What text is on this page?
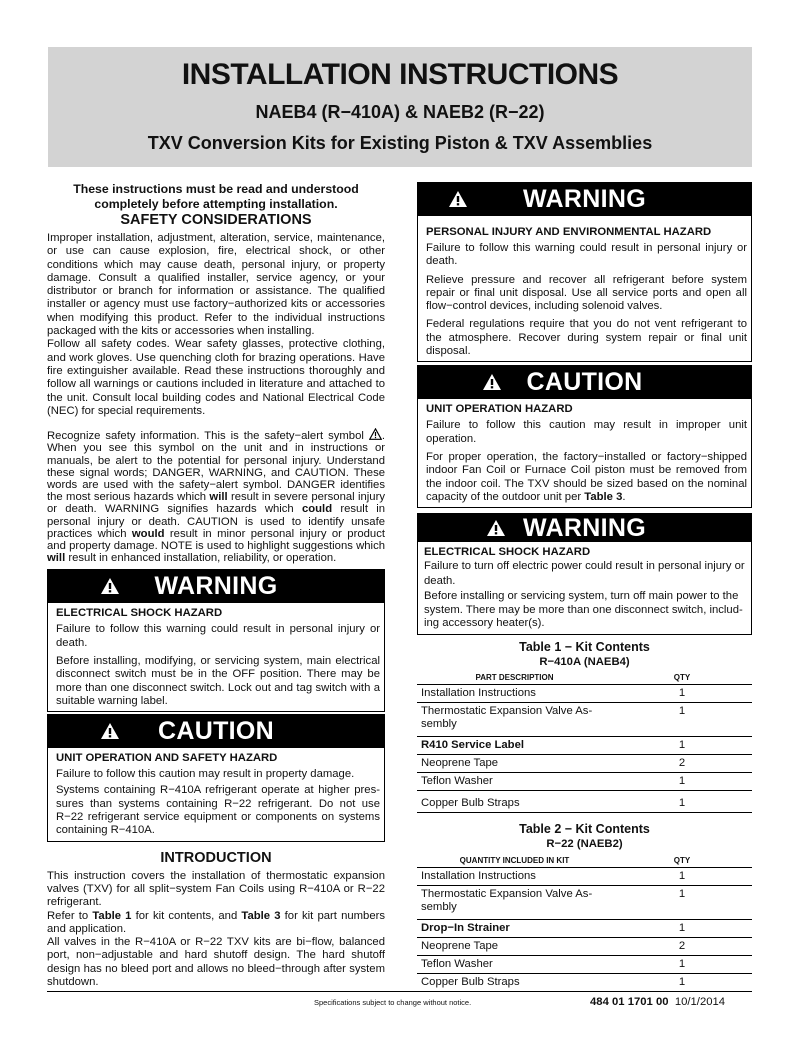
INSTALLATION INSTRUCTIONS
NAEB4 (R−410A) & NAEB2 (R−22)
TXV Conversion Kits for Existing Piston & TXV Assemblies
These instructions must be read and understood
completely before attempting installation.
SAFETY CONSIDERATIONS

Improper installation, adjustment, alteration, service, maintenance, or use can cause explosion, fire, electrical shock, or other conditions which may cause death, personal injury, or property damage. Consult a qualified installer, service agency, or your distributor or branch for information or assistance. The qualified installer or agency must use factory−authorized kits or accessories when modifying this product. Refer to the individual instructions packaged with the kits or accessories when installing.

Follow all safety codes. Wear safety glasses, protective clothing, and work gloves. Use quenching cloth for brazing operations. Have fire extinguisher available. Read these instructions thoroughly and follow all warnings or cautions included in literature and attached to the unit. Consult local building codes and National Electrical Code (NEC) for special requirements.

Recognize safety information. This is the safety−alert symbol . When you see this symbol on the unit and in instructions or manuals, be alert to the potential for personal injury. Understand these signal words; DANGER, WARNING, and CAUTION. These words are used with the safety−alert symbol. DANGER identifies the most serious hazards which will result in severe personal injury or death. WARNING signifies hazards which could result in personal injury or death. CAUTION is used to identify unsafe practices which would result in minor personal injury or product and property damage. NOTE is used to highlight suggestions which will result in enhanced installation, reliability, or operation.

WARNING
ELECTRICAL SHOCK HAZARD

Failure to follow this warning could result in personal injury or death.

Before installing, modifying, or servicing system, main electrical disconnect switch must be in the OFF position. There may be more than one disconnect switch. Lock out and tag switch with a suitable warning label.

CAUTION
UNIT OPERATION AND SAFETY HAZARD

Failure to follow this caution may result in property damage.

Systems containing R−410A refrigerant operate at higher pres-sures than systems containing R−22 refrigerant. Do not use R−22 refrigerant service equipment or components on systems containing R−410A.

INTRODUCTION

This instruction covers the installation of thermostatic expansion valves (TXV) for all split−system Fan Coils using R−410A or R−22 refrigerant.

Refer to Table 1 for kit contents, and Table 3 for kit part numbers and application.

All valves in the R−410A or R−22 TXV kits are bi−flow, balanced port, non−adjustable and hard shutoff design. The hard shutoff design has no bleed port and allows no bleed−through after system shutdown.

WARNING
PERSONAL INJURY AND ENVIRONMENTAL HAZARD

Failure to follow this warning could result in personal injury or death.

Relieve pressure and recover all refrigerant before system repair or final unit disposal. Use all service ports and open all flow−control devices, including solenoid valves.

Federal regulations require that you do not vent refrigerant to the atmosphere. Recover during system repair or final unit disposal.

CAUTION
UNIT OPERATION HAZARD

Failure to follow this caution may result in improper unit operation.

For proper operation, the factory−installed or factory−shipped indoor Fan Coil or Furnace Coil piston must be removed from the indoor coil. The TXV should be sized based on the nominal capacity of the outdoor unit per Table 3.

WARNING
ELECTRICAL SHOCK HAZARD

Failure to turn off electric power could result in personal injury or death.

Before installing or servicing system, turn off main power to the system. There may be more than one disconnect switch, includ-ing accessory heater(s).

Table 1 − Kit Contents
R−410A (NAEB4)
PART DESCRIPTION	QTY
Installation Instructions	1
Thermostatic Expansion Valve As-sembly	1
R410 Service Label	1
Neoprene Tape	2
Teflon Washer	1
Copper Bulb Straps	1
Table 2 − Kit Contents
R−22 (NAEB2)
QUANTITY INCLUDED IN KIT	QTY
Installation Instructions	1
Thermostatic Expansion Valve As-sembly	1
Drop−In Strainer	1
Neoprene Tape	2
Teflon Washer	1
Copper Bulb Straps	1
Specifications subject to change without notice.	484 01 1701 00 10/1/2014
